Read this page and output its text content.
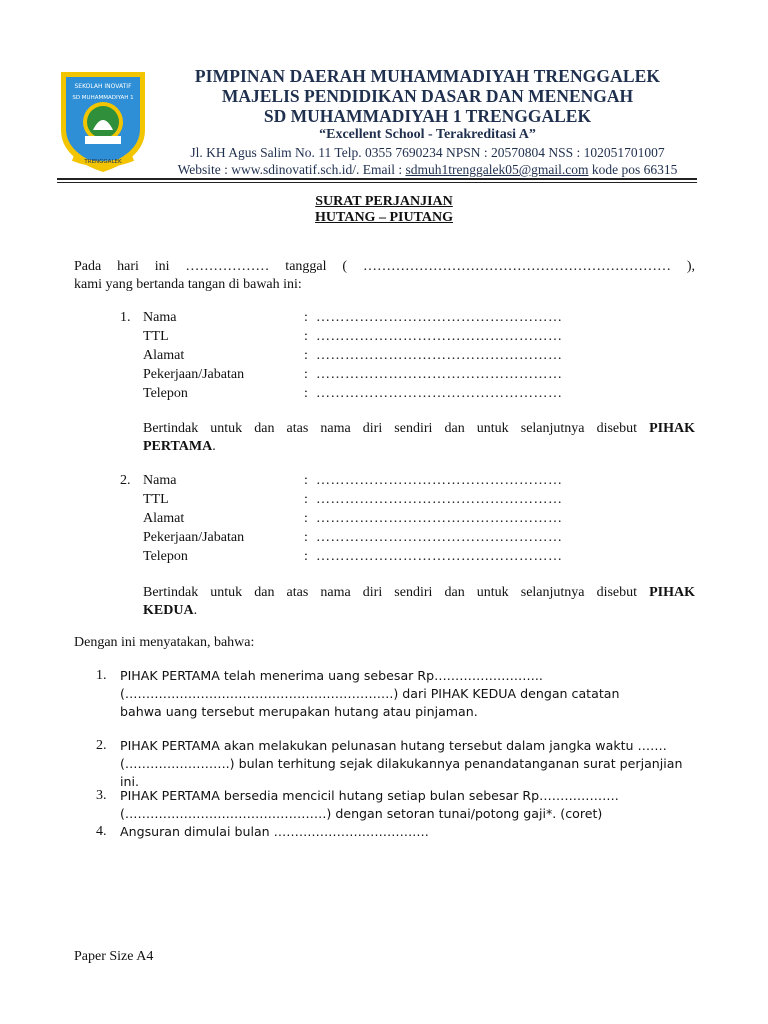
SEKOLAH INOVATIF
SD MUHAMMADIYAH 1
TRENGGALEK
PIMPINAN DAERAH MUHAMMADIYAH TRENGGALEK
MAJELIS PENDIDIKAN DASAR DAN MENENGAH
SD MUHAMMADIYAH 1 TRENGGALEK
“Excellent School - Terakreditasi A”
Jl. KH Agus Salim No. 11 Telp. 0355 7690234 NPSN : 20570804 NSS : 102051701007
Website : www.sdinovatif.sch.id/. Email : sdmuh1trenggalek05@gmail.com kode pos 66315
SURAT PERJANJIAN
HUTANG – PIUTANG
Pada hari ini ……………… tanggal ( ………………………………………………………… ),
kami yang bertanda tangan di bawah ini:
1. Nama	: ……………………………………………
TTL	: ……………………………………………
Alamat	: ……………………………………………
Pekerjaan/Jabatan	: ……………………………………………
Telepon	: ……………………………………………
Bertindak untuk dan atas nama diri sendiri dan untuk selanjutnya disebut PIHAK
PERTAMA.
2. Nama	: ……………………………………………
TTL	: ……………………………………………
Alamat	: ……………………………………………
Pekerjaan/Jabatan	: ……………………………………………
Telepon	: ……………………………………………
Bertindak untuk dan atas nama diri sendiri dan untuk selanjutnya disebut PIHAK
KEDUA.
Dengan ini menyatakan, bahwa:
1. PIHAK PERTAMA telah menerima uang sebesar Rp……………………..
(……………………………………………………….) dari PIHAK KEDUA dengan catatan
bahwa uang tersebut merupakan hutang atau pinjaman.
2. PIHAK PERTAMA akan melakukan pelunasan hutang tersebut dalam jangka waktu …….
(…………………….) bulan terhitung sejak dilakukannya penandatanganan surat perjanjian
ini.
3. PIHAK PERTAMA bersedia mencicil hutang setiap bulan sebesar Rp……………….
(…………………………………………) dengan setoran tunai/potong gaji*. (coret)
4. Angsuran dimulai bulan ……………………………….
Paper Size A4
